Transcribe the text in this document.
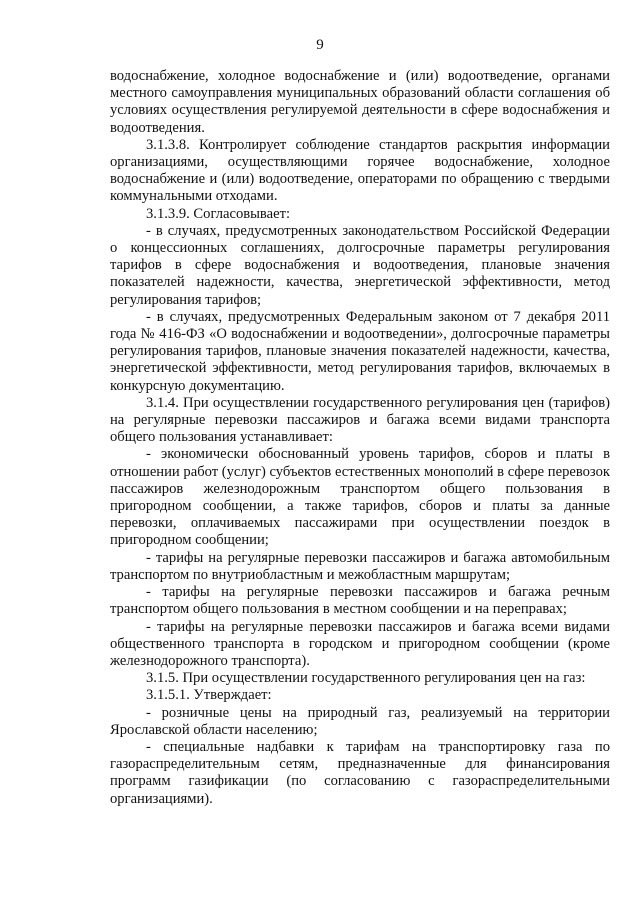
9

водоснабжение, холодное водоснабжение и (или) водоотведение, органами местного самоуправления муниципальных образований области соглашения об условиях осуществления регулируемой деятельности в сфере водоснабжения и водоотведения.

3.1.3.8. Контролирует соблюдение стандартов раскрытия информации организациями, осуществляющими горячее водоснабжение, холодное водоснабжение и (или) водоотведение, операторами по обращению с твердыми коммунальными отходами.

3.1.3.9. Согласовывает:

- в случаях, предусмотренных законодательством Российской Федерации о концессионных соглашениях, долгосрочные параметры регулирования тарифов в сфере водоснабжения и водоотведения, плановые значения показателей надежности, качества, энергетической эффективности, метод регулирования тарифов;

- в случаях, предусмотренных Федеральным законом от 7 декабря 2011 года № 416-ФЗ «О водоснабжении и водоотведении», долгосрочные параметры регулирования тарифов, плановые значения показателей надежности, качества, энергетической эффективности, метод регулирования тарифов, включаемых в конкурсную документацию.

3.1.4. При осуществлении государственного регулирования цен (тарифов) на регулярные перевозки пассажиров и багажа всеми видами транспорта общего пользования устанавливает:

- экономически обоснованный уровень тарифов, сборов и платы в отношении работ (услуг) субъектов естественных монополий в сфере перевозок пассажиров железнодорожным транспортом общего пользования в пригородном сообщении, а также тарифов, сборов и платы за данные перевозки, оплачиваемых пассажирами при осуществлении поездок в пригородном сообщении;

- тарифы на регулярные перевозки пассажиров и багажа автомобильным транспортом по внутриобластным и межобластным маршрутам;

- тарифы на регулярные перевозки пассажиров и багажа речным транспортом общего пользования в местном сообщении и на переправах;

- тарифы на регулярные перевозки пассажиров и багажа всеми видами общественного транспорта в городском и пригородном сообщении (кроме железнодорожного транспорта).

3.1.5. При осуществлении государственного регулирования цен на газ:

3.1.5.1. Утверждает:

- розничные цены на природный газ, реализуемый на территории Ярославской области населению;

- специальные надбавки к тарифам на транспортировку газа по газораспределительным сетям, предназначенные для финансирования программ газификации (по согласованию с газораспределительными организациями).
